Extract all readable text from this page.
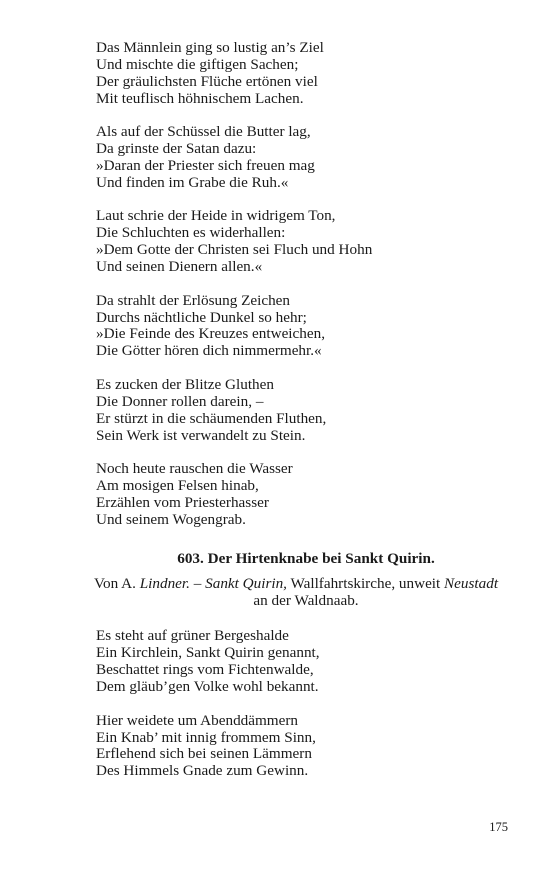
Das Männlein ging so lustig an’s Ziel
Und mischte die giftigen Sachen;
Der gräulichsten Flüche ertönen viel
Mit teuflisch höhnischem Lachen.
Als auf der Schüssel die Butter lag,
Da grinste der Satan dazu:
»Daran der Priester sich freuen mag
Und finden im Grabe die Ruh.«
Laut schrie der Heide in widrigem Ton,
Die Schluchten es widerhallen:
»Dem Gotte der Christen sei Fluch und Hohn
Und seinen Dienern allen.«
Da strahlt der Erlösung Zeichen
Durchs nächtliche Dunkel so hehr;
»Die Feinde des Kreuzes entweichen,
Die Götter hören dich nimmermehr.«
Es zucken der Blitze Gluthen
Die Donner rollen darein, –
Er stürzt in die schäumenden Fluthen,
Sein Werk ist verwandelt zu Stein.
Noch heute rauschen die Wasser
Am mosigen Felsen hinab,
Erzählen vom Priesterhasser
Und seinem Wogengrab.
603. Der Hirtenknabe bei Sankt Quirin.
Von A. Lindner. – Sankt Quirin, Wallfahrtskirche, unweit Neustadt
an der Waldnaab.
Es steht auf grüner Bergeshalde
Ein Kirchlein, Sankt Quirin genannt,
Beschattet rings vom Fichtenwalde,
Dem gläub’gen Volke wohl bekannt.
Hier weidete um Abenddämmern
Ein Knab’ mit innig frommem Sinn,
Erflehend sich bei seinen Lämmern
Des Himmels Gnade zum Gewinn.
175
